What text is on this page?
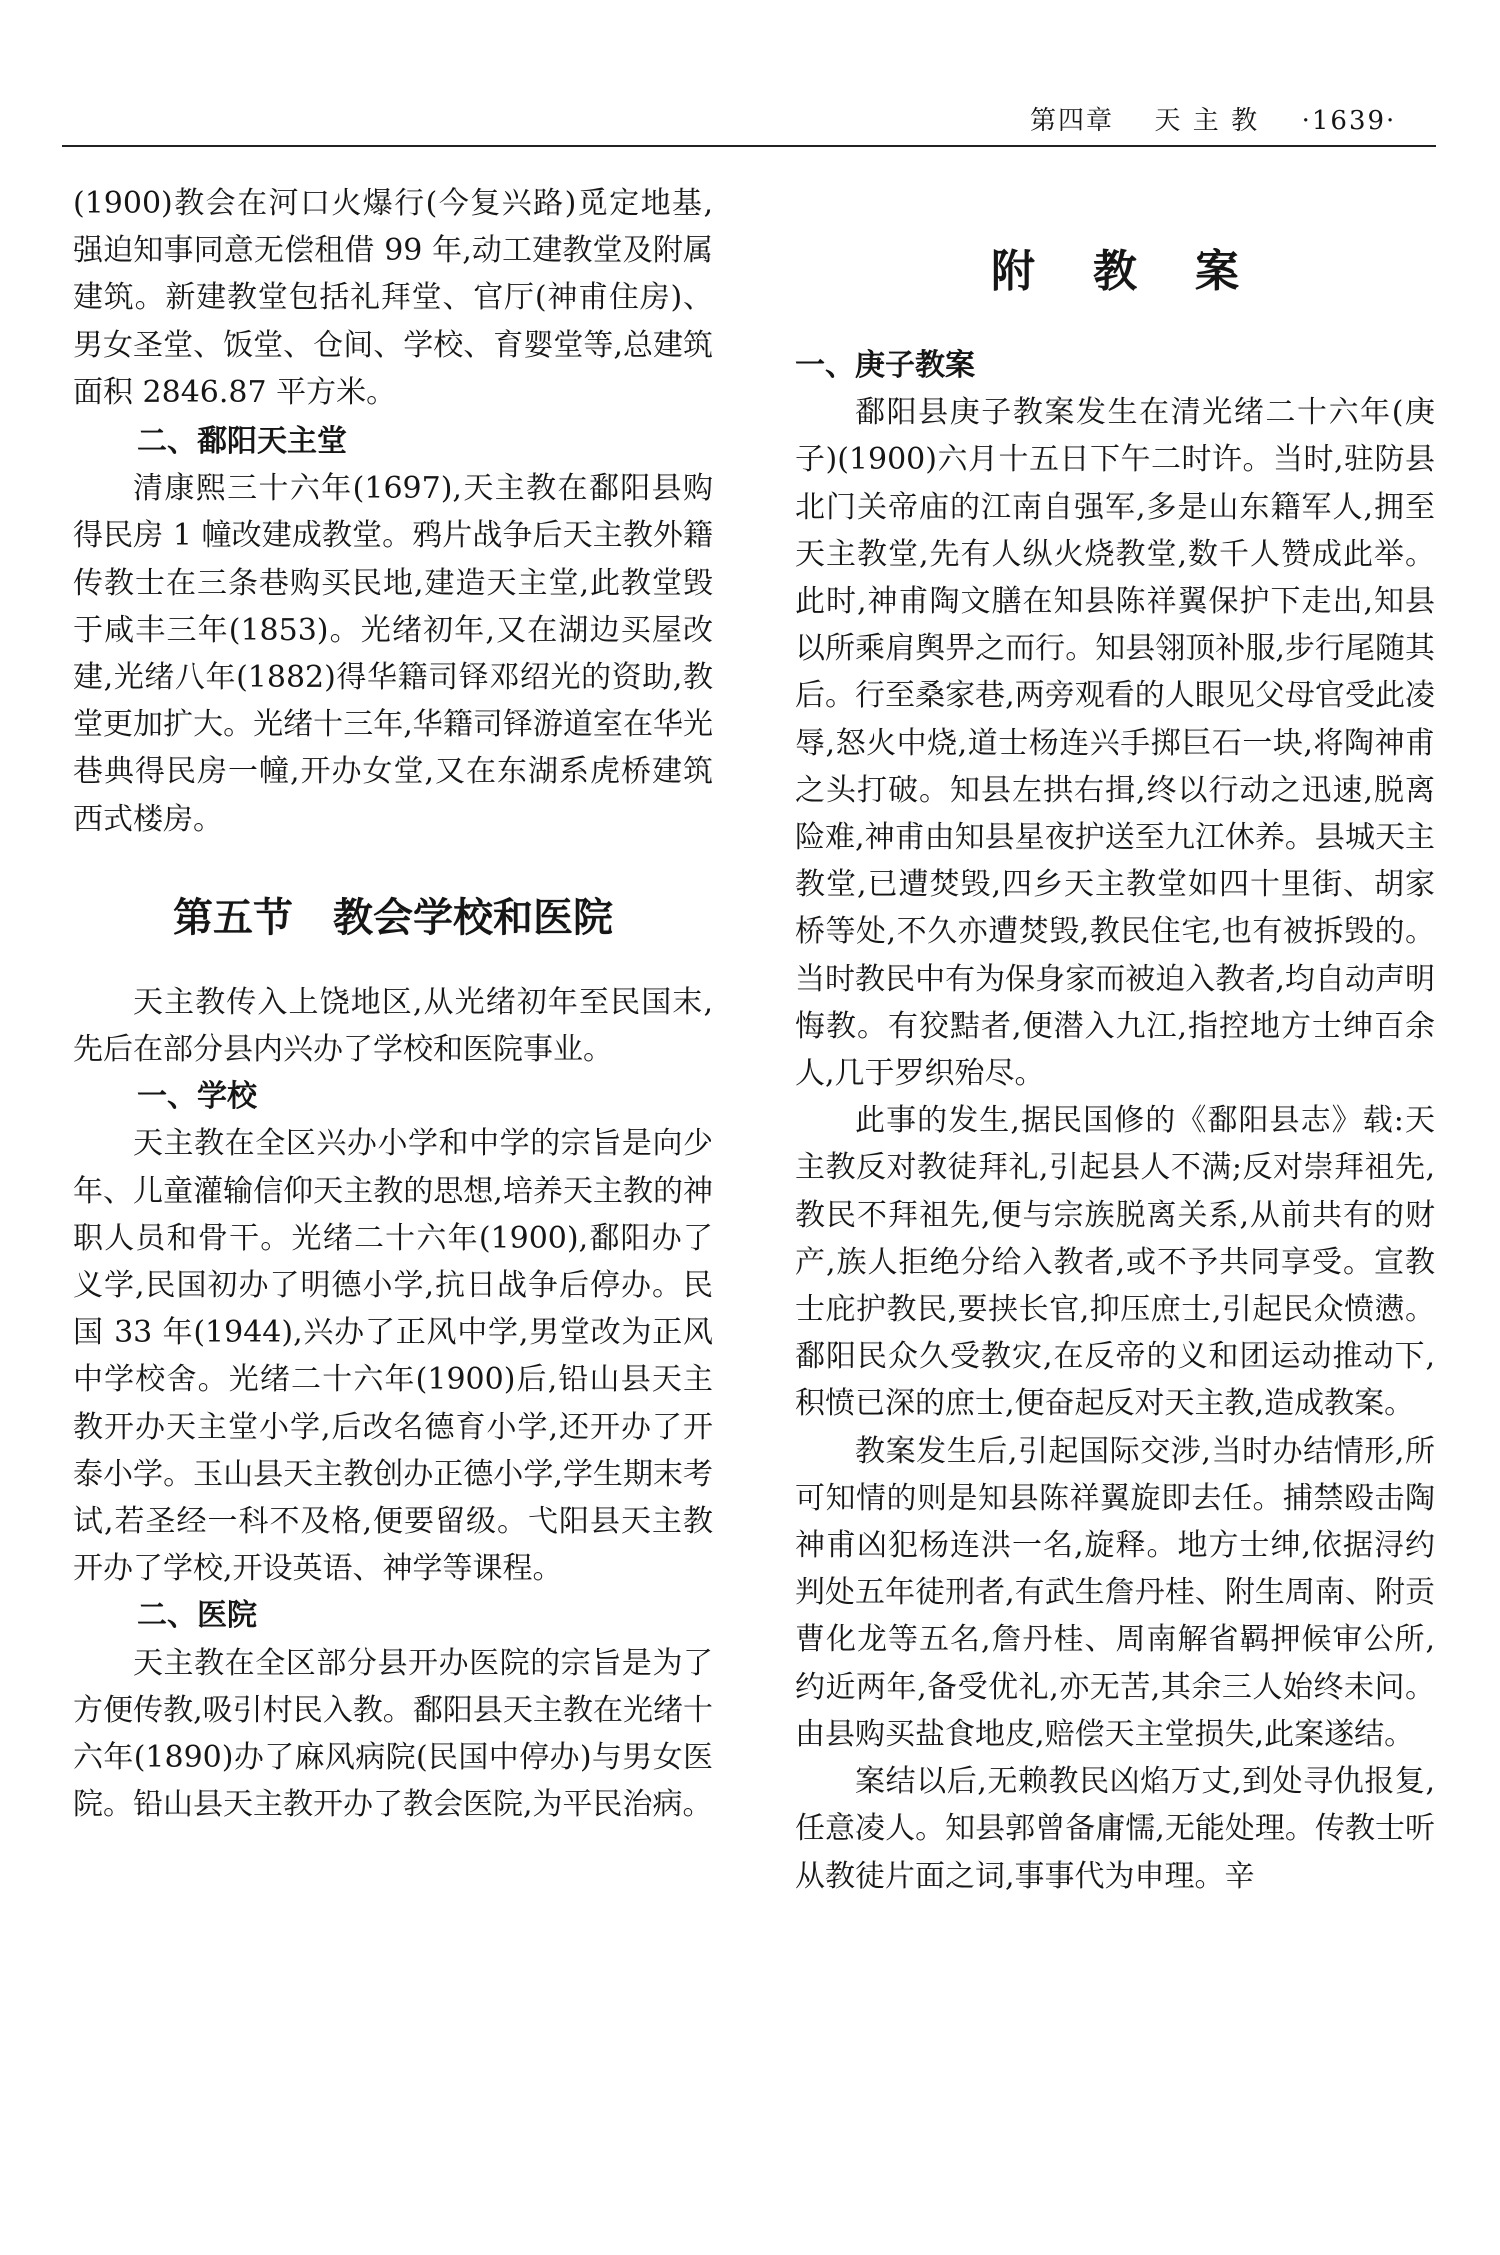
第四章 天 主 教 ·1639·

(1900)教会在河口火爆行(今复兴路)觅定地基,强迫知事同意无偿租借 99 年,动工建教堂及附属建筑。新建教堂包括礼拜堂、官厅(神甫住房)、男女圣堂、饭堂、仓间、学校、育婴堂等,总建筑面积 2846.87 平方米。

二、鄱阳天主堂

清康熙三十六年(1697),天主教在鄱阳县购得民房 1 幢改建成教堂。鸦片战争后天主教外籍传教士在三条巷购买民地,建造天主堂,此教堂毁于咸丰三年(1853)。光绪初年,又在湖边买屋改建,光绪八年(1882)得华籍司铎邓绍光的资助,教堂更加扩大。光绪十三年,华籍司铎游道室在华光巷典得民房一幢,开办女堂,又在东湖系虎桥建筑西式楼房。

第五节　教会学校和医院

天主教传入上饶地区,从光绪初年至民国末,先后在部分县内兴办了学校和医院事业。

一、学校

天主教在全区兴办小学和中学的宗旨是向少年、儿童灌输信仰天主教的思想,培养天主教的神职人员和骨干。光绪二十六年(1900),鄱阳办了义学,民国初办了明德小学,抗日战争后停办。民国 33 年(1944),兴办了正风中学,男堂改为正风中学校舍。光绪二十六年(1900)后,铅山县天主教开办天主堂小学,后改名德育小学,还开办了开泰小学。玉山县天主教创办正德小学,学生期末考试,若圣经一科不及格,便要留级。弋阳县天主教开办了学校,开设英语、神学等课程。

二、医院

天主教在全区部分县开办医院的宗旨是为了方便传教,吸引村民入教。鄱阳县天主教在光绪十六年(1890)办了麻风病院(民国中停办)与男女医院。铅山县天主教开办了教会医院,为平民治病。

附教案

一、庚子教案

鄱阳县庚子教案发生在清光绪二十六年(庚子)(1900)六月十五日下午二时许。当时,驻防县北门关帝庙的江南自强军,多是山东籍军人,拥至天主教堂,先有人纵火烧教堂,数千人赞成此举。此时,神甫陶文膳在知县陈祥翼保护下走出,知县以所乘肩舆畀之而行。知县翎顶补服,步行尾随其后。行至桑家巷,两旁观看的人眼见父母官受此凌辱,怒火中烧,道士杨连兴手掷巨石一块,将陶神甫之头打破。知县左拱右揖,终以行动之迅速,脱离险难,神甫由知县星夜护送至九江休养。县城天主教堂,已遭焚毁,四乡天主教堂如四十里街、胡家桥等处,不久亦遭焚毁,教民住宅,也有被拆毁的。当时教民中有为保身家而被迫入教者,均自动声明悔教。有狡黠者,便潜入九江,指控地方士绅百余人,几于罗织殆尽。

此事的发生,据民国修的《鄱阳县志》载:天主教反对教徒拜礼,引起县人不满;反对崇拜祖先,教民不拜祖先,便与宗族脱离关系,从前共有的财产,族人拒绝分给入教者,或不予共同享受。宣教士庇护教民,要挟长官,抑压庶士,引起民众愤懑。鄱阳民众久受教灾,在反帝的义和团运动推动下,积愤已深的庶士,便奋起反对天主教,造成教案。

教案发生后,引起国际交涉,当时办结情形,所可知情的则是知县陈祥翼旋即去任。捕禁殴击陶神甫凶犯杨连洪一名,旋释。地方士绅,依据浔约判处五年徒刑者,有武生詹丹桂、附生周南、附贡曹化龙等五名,詹丹桂、周南解省羁押候审公所,约近两年,备受优礼,亦无苦,其余三人始终未问。由县购买盐食地皮,赔偿天主堂损失,此案遂结。

案结以后,无赖教民凶焰万丈,到处寻仇报复,任意凌人。知县郭曾备庸懦,无能处理。传教士听从教徒片面之词,事事代为申理。辛
